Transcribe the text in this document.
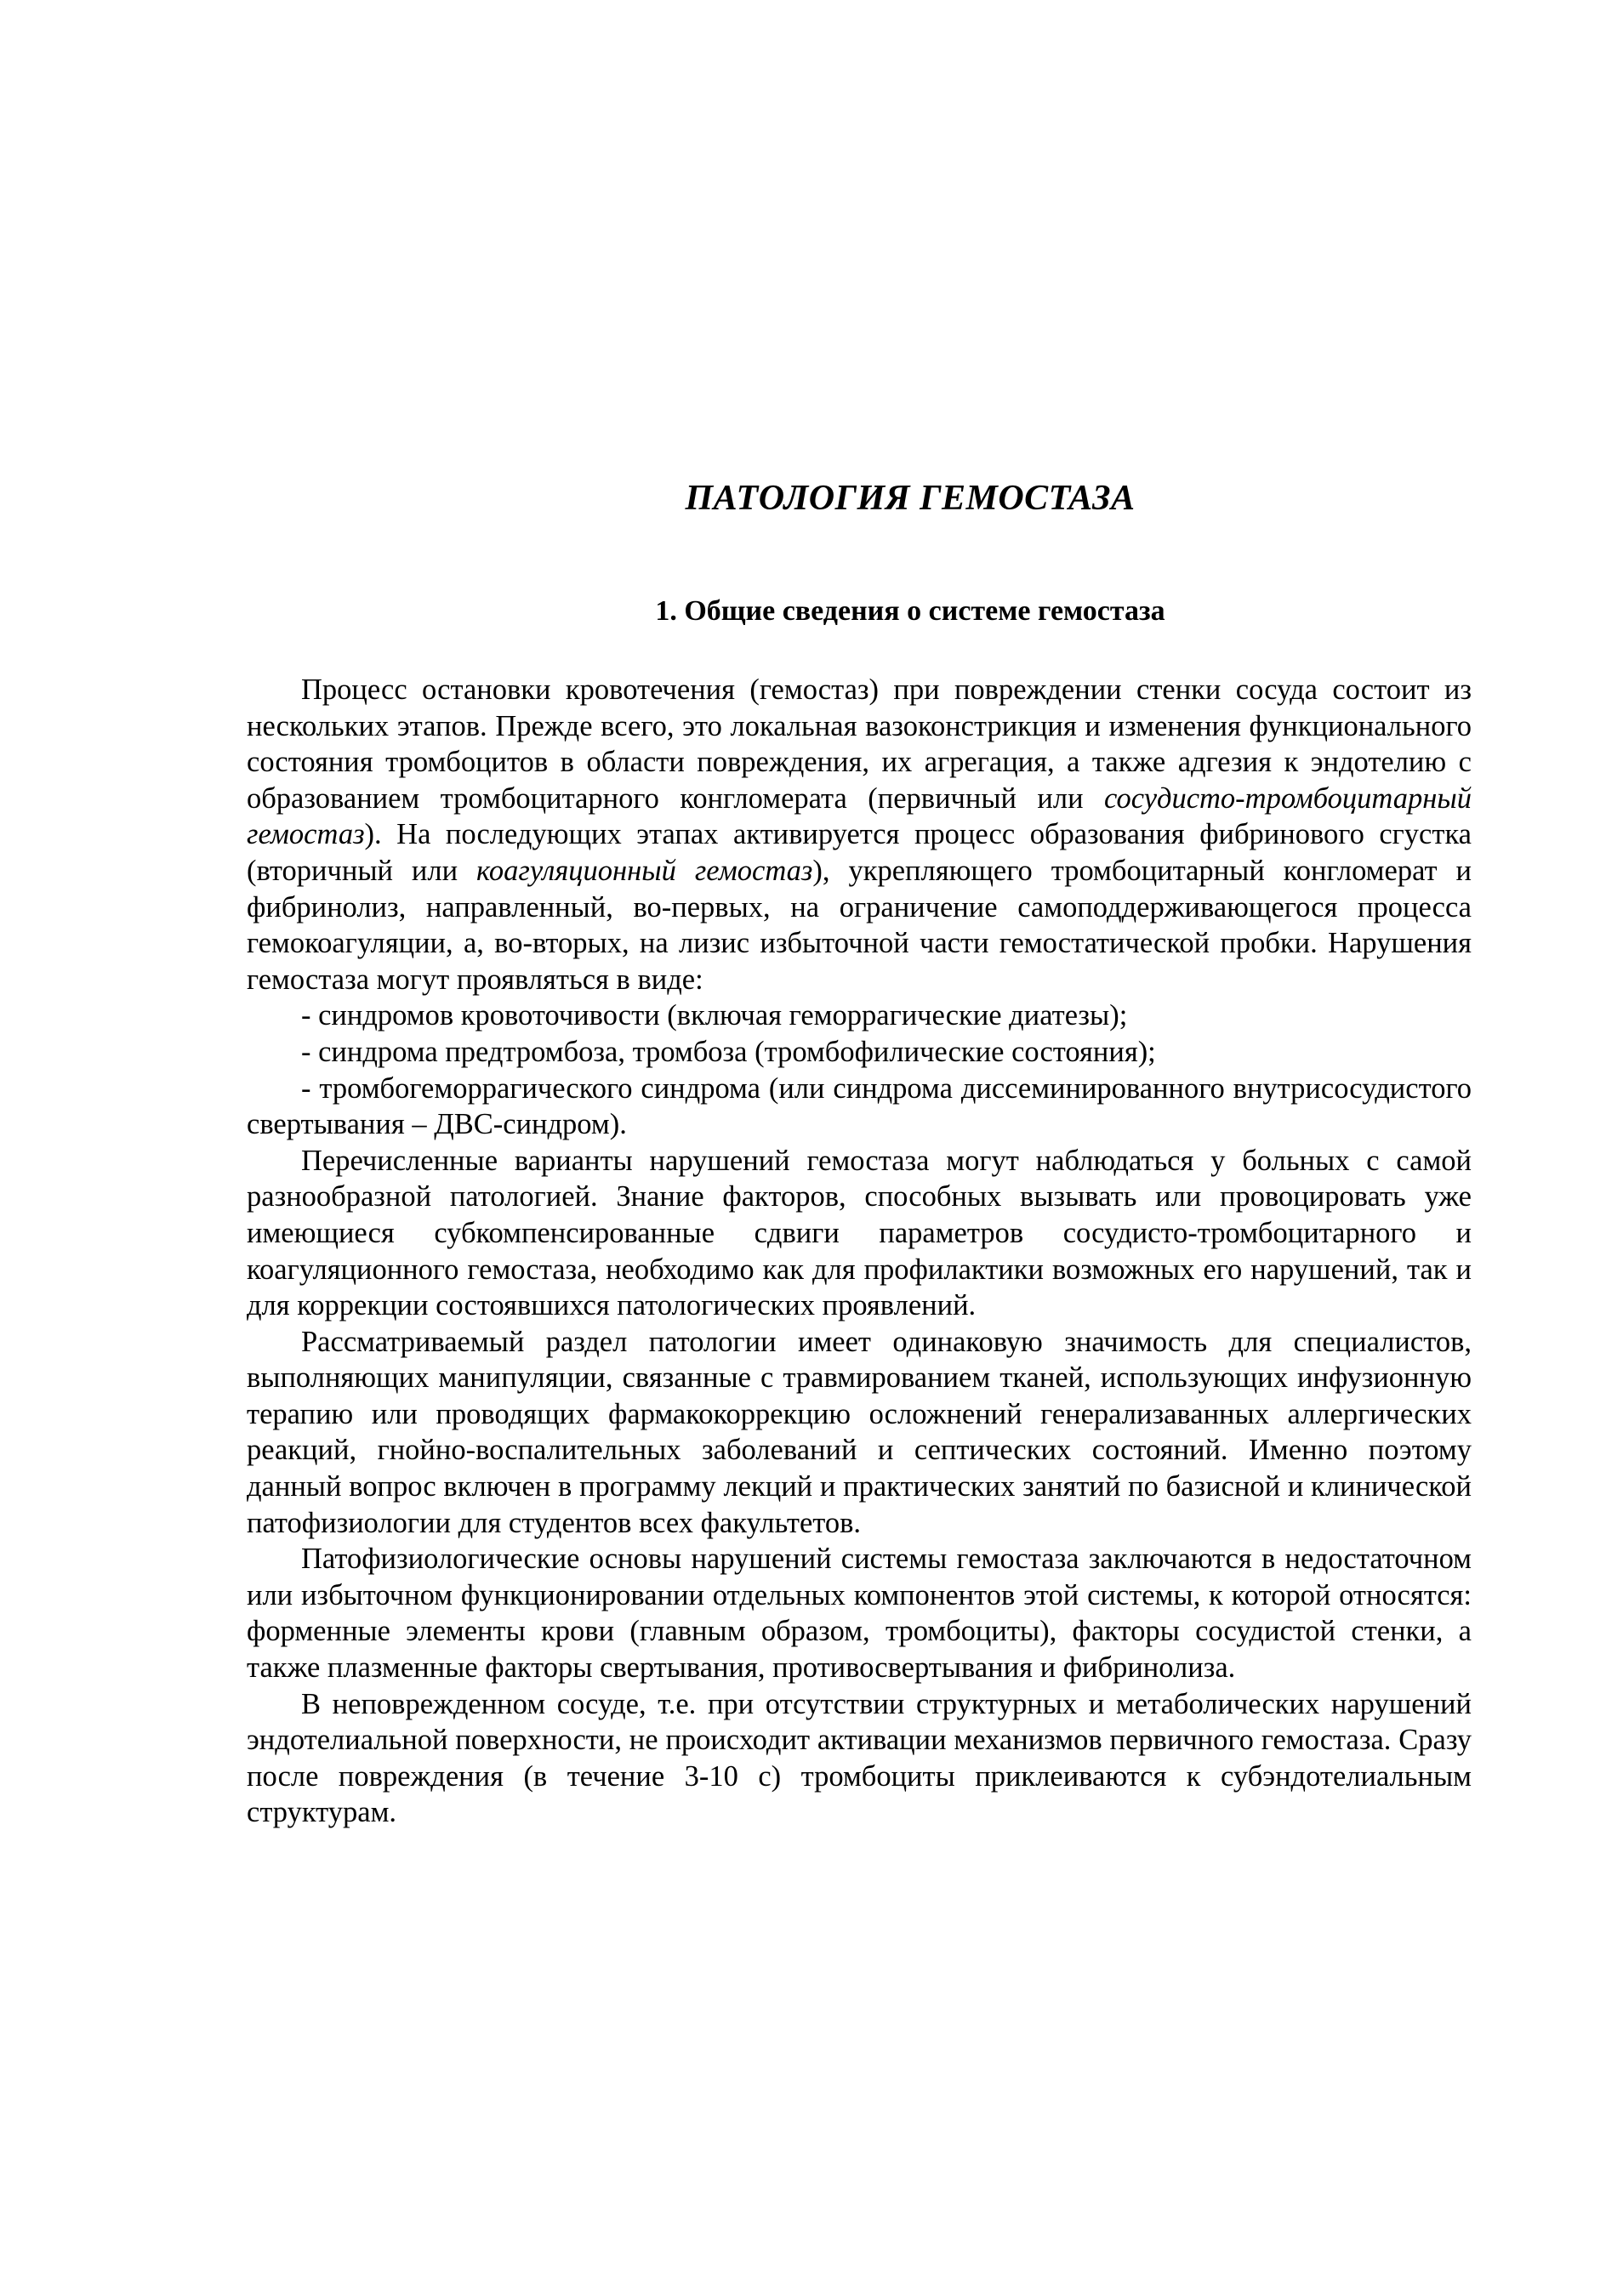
ПАТОЛОГИЯ ГЕМОСТАЗА
1. Общие сведения о системе гемостаза

Процесс остановки кровотечения (гемостаз) при повреждении стенки сосуда состоит из нескольких этапов. Прежде всего, это локальная вазоконстрикция и изменения функционального состояния тромбоцитов в области повреждения, их агрегация, а также адгезия к эндотелию с образованием тромбоцитарного конгломерата (первичный или сосудисто-тромбоцитарный гемостаз). На последующих этапах активируется процесс образования фибринового сгустка (вторичный или коагуляционный гемостаз), укрепляющего тромбоцитарный конгломерат и фибринолиз, направленный, во-первых, на ограничение самоподдерживающегося процесса гемокоагуляции, а, во-вторых, на лизис избыточной части гемостатической пробки. Нарушения гемостаза могут проявляться в виде:

- синдромов кровоточивости (включая геморрагические диатезы);

- синдрома предтромбоза, тромбоза (тромбофилические состояния);

- тромбогеморрагического синдрома (или синдрома диссеминированного внутрисосудистого свертывания – ДВС-синдром).

Перечисленные варианты нарушений гемостаза могут наблюдаться у больных с самой разнообразной патологией. Знание факторов, способных вызывать или провоцировать уже имеющиеся субкомпенсированные сдвиги параметров сосудисто-тромбоцитарного и коагуляционного гемостаза, необходимо как для профилактики возможных его нарушений, так и для коррекции состоявшихся патологических проявлений.

Рассматриваемый раздел патологии имеет одинаковую значимость для специалистов, выполняющих манипуляции, связанные с травмированием тканей, использующих инфузионную терапию или проводящих фармакокоррекцию осложнений генерализаванных аллергических реакций, гнойно-воспалительных заболеваний и септических состояний. Именно поэтому данный вопрос включен в программу лекций и практических занятий по базисной и клинической патофизиологии для студентов всех факультетов.

Патофизиологические основы нарушений системы гемостаза заключаются в недостаточном или избыточном функционировании отдельных компонентов этой системы, к которой относятся: форменные элементы крови (главным образом, тромбоциты), факторы сосудистой стенки, а также плазменные факторы свертывания, противосвертывания и фибринолиза.

В неповрежденном сосуде, т.е. при отсутствии структурных и метаболических нарушений эндотелиальной поверхности, не происходит активации механизмов первичного гемостаза. Сразу после повреждения (в течение 3-10 с) тромбоциты приклеиваются к субэндотелиальным структурам.
